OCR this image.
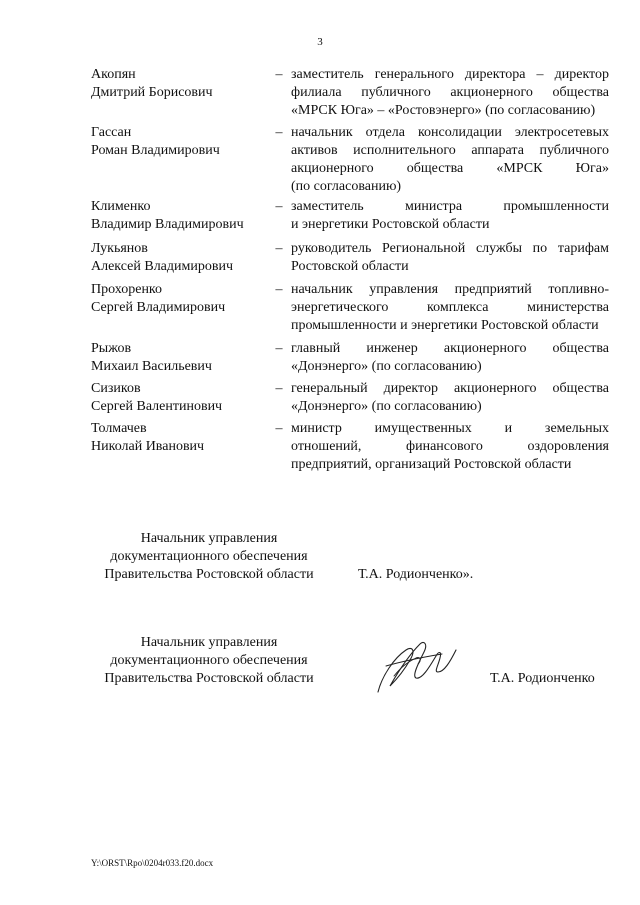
3
Акопян
Дмитрий Борисович
– заместитель генерального директора – директор
филиала публичного акционерного общества
«МРСК Юга» – «Ростовэнерго» (по согласованию)
Гассан
Роман Владимирович
– начальник отдела консолидации электросетевых
активов исполнительного аппарата публичного
акционерного общества «МРСК Юга»
(по согласованию)
Клименко
Владимир Владимирович
– заместитель министра промышленности
и энергетики Ростовской области
Лукьянов
Алексей Владимирович
– руководитель Региональной службы по тарифам
Ростовской области
Прохоренко
Сергей Владимирович
– начальник управления предприятий топливно-
энергетического комплекса министерства
промышленности и энергетики Ростовской области
Рыжов
Михаил Васильевич
– главный инженер акционерного общества
«Донэнерго» (по согласованию)
Сизиков
Сергей Валентинович
– генеральный директор акционерного общества
«Донэнерго» (по согласованию)
Толмачев
Николай Иванович
– министр имущественных и земельных
отношений, финансового оздоровления
предприятий, организаций Ростовской области
Начальник управления
документационного обеспечения
Правительства Ростовской области	Т.А. Родионченко».
Начальник управления
документационного обеспечения
Правительства Ростовской области	Т.А. Родионченко
Y:\ORST\Rpo\0204r033.f20.docx
